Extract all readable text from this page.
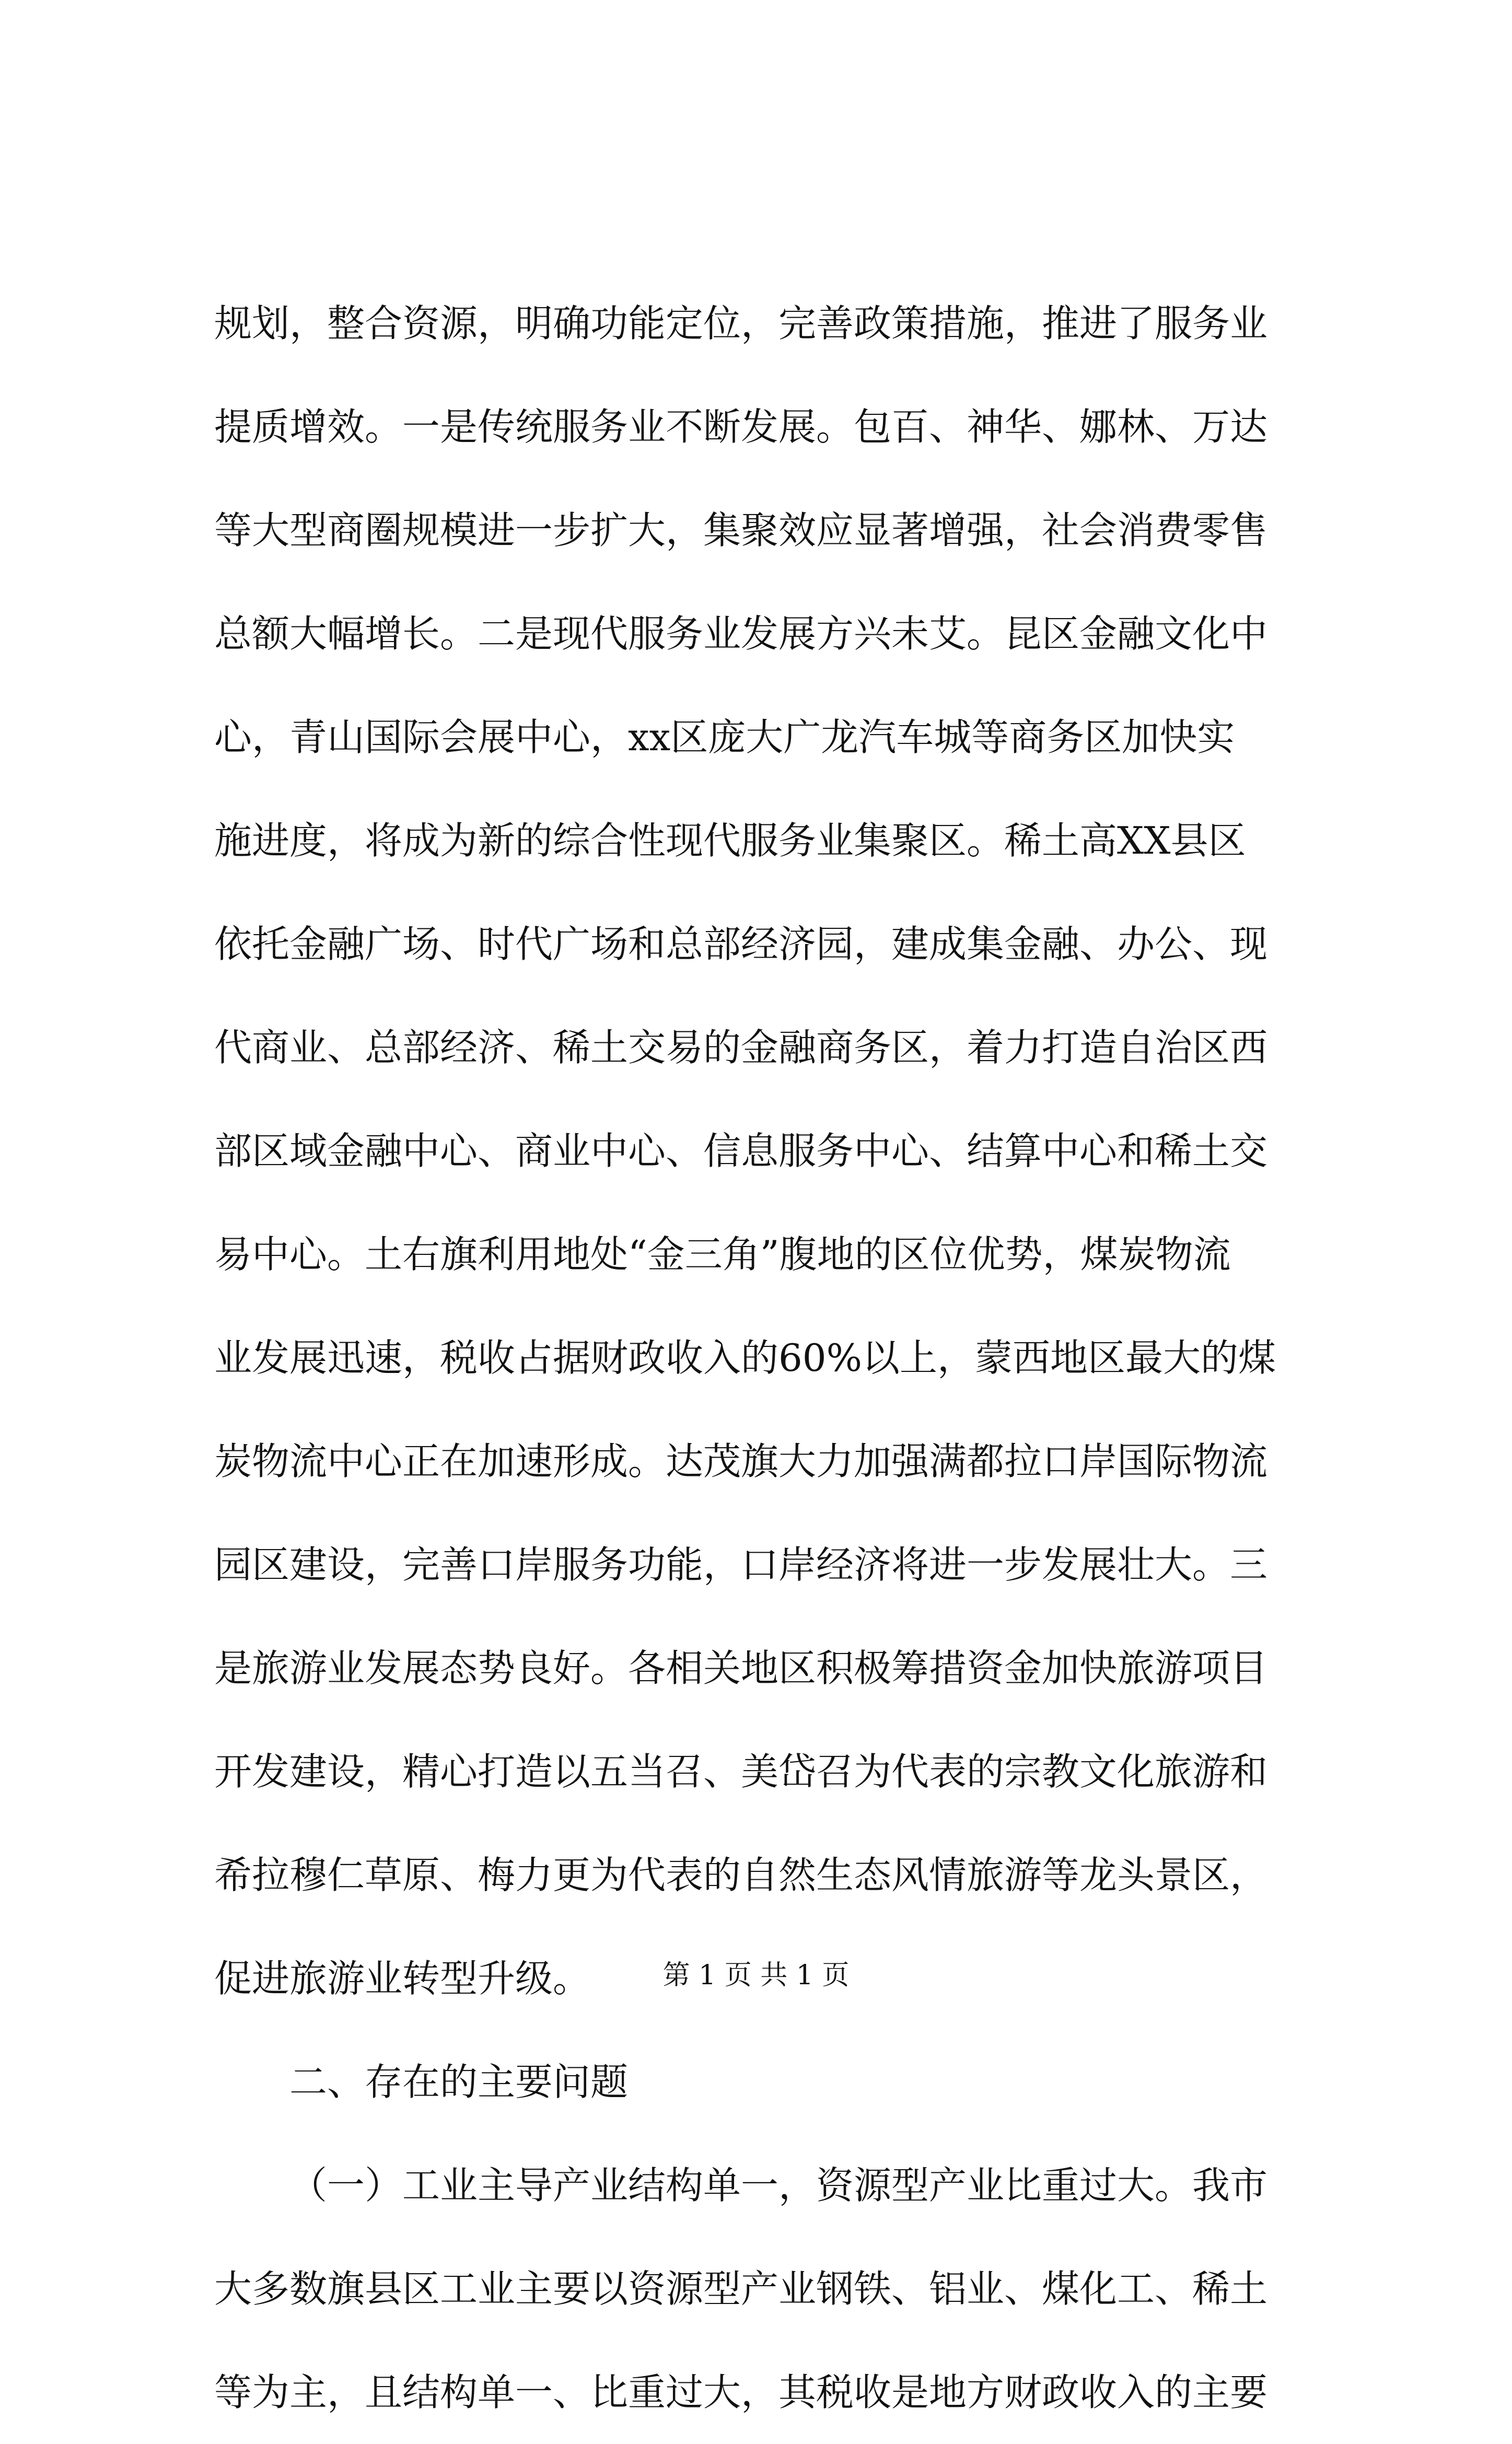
规划，整合资源，明确功能定位，完善政策措施，推进了服务业
提质增效。一是传统服务业不断发展。包百、神华、娜林、万达
等大型商圈规模进一步扩大，集聚效应显著增强，社会消费零售
总额大幅增长。二是现代服务业发展方兴未艾。昆区金融文化中
心，青山国际会展中心，xx区庞大广龙汽车城等商务区加快实
施进度，将成为新的综合性现代服务业集聚区。稀土高XX县区
依托金融广场、时代广场和总部经济园，建成集金融、办公、现
代商业、总部经济、稀土交易的金融商务区，着力打造自治区西
部区域金融中心、商业中心、信息服务中心、结算中心和稀土交
易中心。土右旗利用地处“金三角”腹地的区位优势，煤炭物流
业发展迅速，税收占据财政收入的60%以上，蒙西地区最大的煤
炭物流中心正在加速形成。达茂旗大力加强满都拉口岸国际物流
园区建设，完善口岸服务功能，口岸经济将进一步发展壮大。三
是旅游业发展态势良好。各相关地区积极筹措资金加快旅游项目
开发建设，精心打造以五当召、美岱召为代表的宗教文化旅游和
希拉穆仁草原、梅力更为代表的自然生态风情旅游等龙头景区，
促进旅游业转型升级。
二、存在的主要问题
（一）工业主导产业结构单一，资源型产业比重过大。我市
大多数旗县区工业主要以资源型产业钢铁、铝业、煤化工、稀土
等为主，且结构单一、比重过大，其税收是地方财政收入的主要
第 1 页 共 1 页
